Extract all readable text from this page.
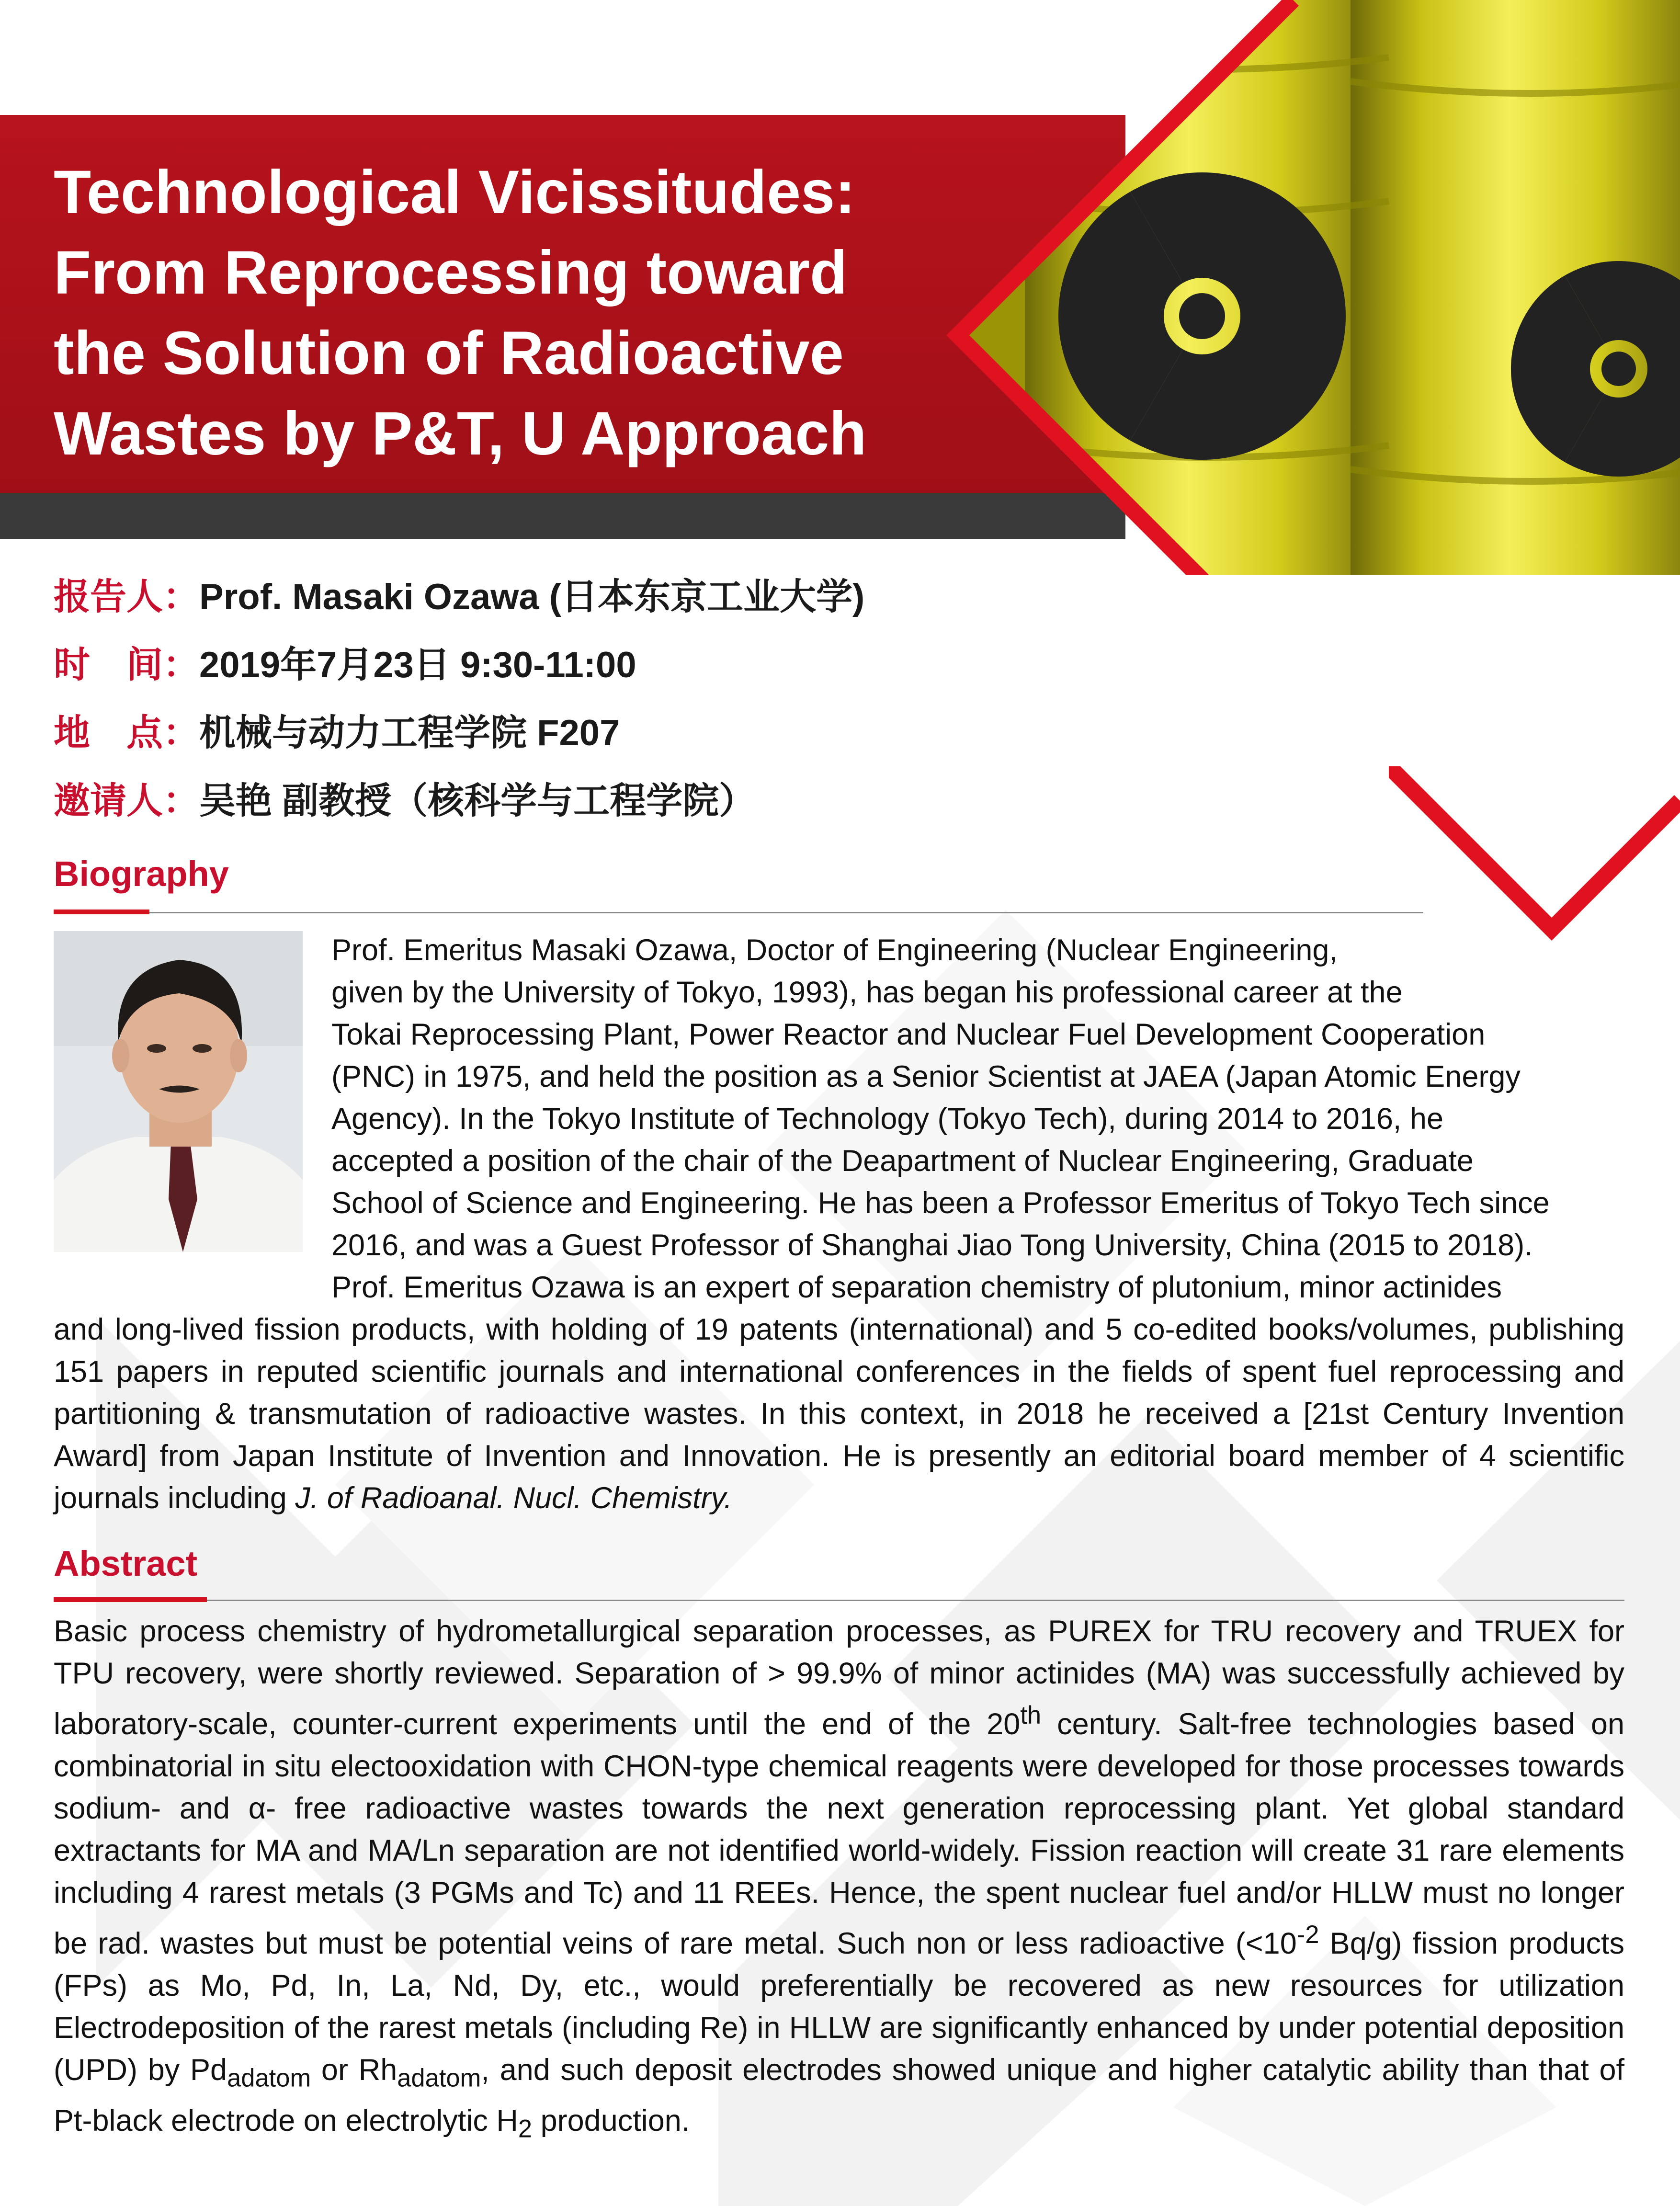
Technological Vicissitudes:
From Reprocessing toward
the Solution of Radioactive
Wastes by P&T, U Approach
报告人： Prof. Masaki Ozawa (日本东京工业大学)
时　间： 2019年7月23日 9:30-11:00
地　点： 机械与动力工程学院 F207
邀请人： 吴艳 副教授（核科学与工程学院）
Biography

Prof. Emeritus Masaki Ozawa, Doctor of Engineering (Nuclear Engineering,

given by the University of Tokyo, 1993), has began his professional career at the

Tokai Reprocessing Plant, Power Reactor and Nuclear Fuel Development Cooperation

(PNC) in 1975, and held the position as a Senior Scientist at JAEA (Japan Atomic Energy

Agency). In the Tokyo Institute of Technology (Tokyo Tech), during 2014 to 2016, he

accepted a position of the chair of the Deapartment of Nuclear Engineering, Graduate

School of Science and Engineering. He has been a Professor Emeritus of Tokyo Tech since

2016, and was a Guest Professor of Shanghai Jiao Tong University, China (2015 to 2018).

Prof. Emeritus Ozawa is an expert of separation chemistry of plutonium, minor actinides

and long-lived fission products, with holding of 19 patents (international) and 5 co-edited books/volumes, publishing 151 papers in reputed scientific journals and international conferences in the fields of spent fuel reprocessing and partitioning & transmutation of radioactive wastes. In this context, in 2018 he received a [21st Century Invention Award] from Japan Institute of Invention and Innovation. He is presently an editorial board member of 4 scientific journals including J. of Radioanal. Nucl. Chemistry.

Abstract

Basic process chemistry of hydrometallurgical separation processes, as PUREX for TRU recovery and TRUEX for TPU recovery, were shortly reviewed. Separation of > 99.9% of minor actinides (MA) was successfully achieved by laboratory-scale, counter-current experiments until the end of the 20th century. Salt-free technologies based on combinatorial in situ electooxidation with CHON-type chemical reagents were developed for those processes towards sodium- and α- free radioactive wastes towards the next generation reprocessing plant. Yet global standard extractants for MA and MA/Ln separation are not identified world-widely. Fission reaction will create 31 rare elements including 4 rarest metals (3 PGMs and Tc) and 11 REEs. Hence, the spent nuclear fuel and/or HLLW must no longer be rad. wastes but must be potential veins of rare metal. Such non or less radioactive ($<10^{-2}$ Bq/g) fission products (FPs) as Mo, Pd, In, La, Nd, Dy, etc., would preferentially be recovered as new resources for utilization Electrodeposition of the rarest metals (including Re) in HLLW are significantly enhanced by under potential deposition (UPD) by $Pd_{adatom}$ or $Rh_{adatom}$, and such deposit electrodes showed unique and higher catalytic ability than that of Pt-black electrode on electrolytic $H_2$ production.
